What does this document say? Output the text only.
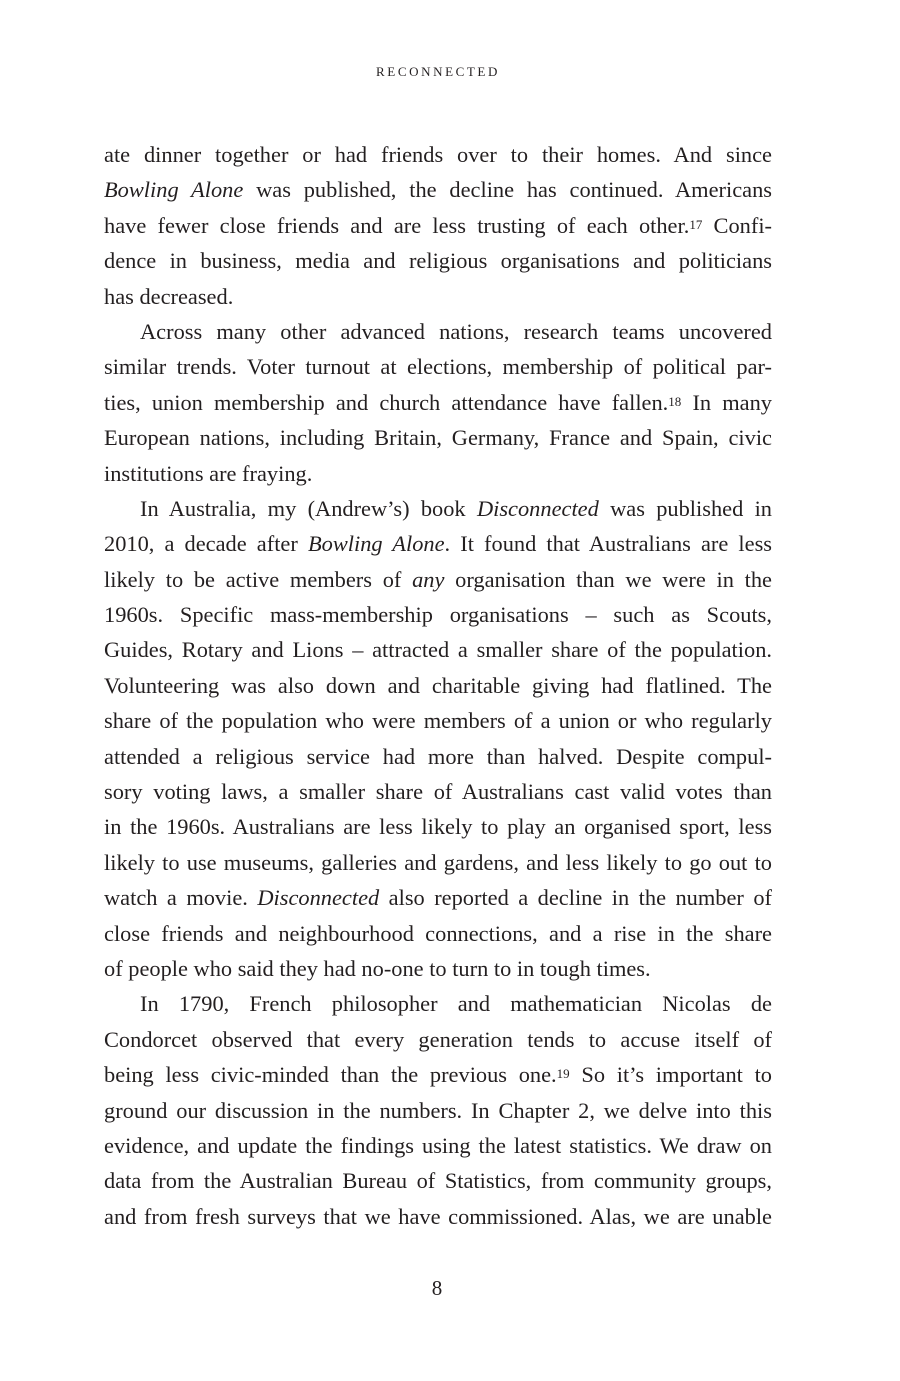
RECONNECTED
ate dinner together or had friends over to their homes. And since
Bowling Alone was published, the decline has continued. Americans
have fewer close friends and are less trusting of each other.$^{17}$ Confi-
dence in business, media and religious organisations and politicians
has decreased.
Across many other advanced nations, research teams uncovered
similar trends. Voter turnout at elections, membership of political par-
ties, union membership and church attendance have fallen.$^{18}$ In many
European nations, including Britain, Germany, France and Spain, civic
institutions are fraying.
In Australia, my (Andrew’s) book Disconnected was published in
2010, a decade after Bowling Alone. It found that Australians are less
likely to be active members of any organisation than we were in the
1960s. Specific mass-membership organisations – such as Scouts,
Guides, Rotary and Lions – attracted a smaller share of the population.
Volunteering was also down and charitable giving had flatlined. The
share of the population who were members of a union or who regularly
attended a religious service had more than halved. Despite compul-
sory voting laws, a smaller share of Australians cast valid votes than
in the 1960s. Australians are less likely to play an organised sport, less
likely to use museums, galleries and gardens, and less likely to go out to
watch a movie. Disconnected also reported a decline in the number of
close friends and neighbourhood connections, and a rise in the share
of people who said they had no-one to turn to in tough times.
In 1790, French philosopher and mathematician Nicolas de
Condorcet observed that every generation tends to accuse itself of
being less civic-minded than the previous one.$^{19}$ So it’s important to
ground our discussion in the numbers. In Chapter 2, we delve into this
evidence, and update the findings using the latest statistics. We draw on
data from the Australian Bureau of Statistics, from community groups,
and from fresh surveys that we have commissioned. Alas, we are unable
8
